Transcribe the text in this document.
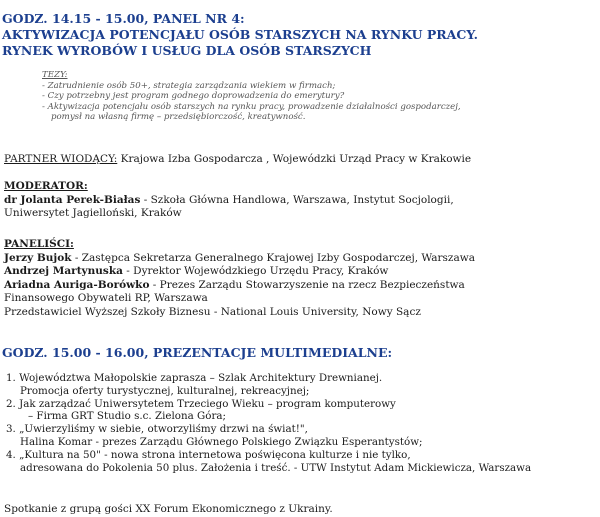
GODZ. 14.15 - 15.00, PANEL NR 4:
AKTYWIZACJA POTENCJAŁU OSÓB STARSZYCH NA RYNKU PRACY.
RYNEK WYROBÓW I USŁUG DLA OSÓB STARSZYCH
TEZY:
- Zatrudnienie osób 50+, strategia zarządzania wiekiem w firmach;
- Czy potrzebny jest program godnego doprowadzenia do emerytury?
- Aktywizacja potencjału osób starszych na rynku pracy, prowadzenie działalności gospodarczej,
pomysł na własną firmę – przedsiębiorczość, kreatywność.
PARTNER WIODĄCY: Krajowa Izba Gospodarcza , Wojewódzki Urząd Pracy w Krakowie
MODERATOR:
dr Jolanta Perek-Białas - Szkoła Główna Handlowa, Warszawa, Instytut Socjologii,
Uniwersytet Jagielloński, Kraków
PANELIŚCI:
Jerzy Bujok - Zastępca Sekretarza Generalnego Krajowej Izby Gospodarczej, Warszawa
Andrzej Martynuska - Dyrektor Wojewódzkiego Urzędu Pracy, Kraków
Ariadna Auriga-Borówko - Prezes Zarządu Stowarzyszenie na rzecz Bezpieczeństwa
Finansowego Obywateli RP, Warszawa
Przedstawiciel Wyższej Szkoły Biznesu - National Louis University, Nowy Sącz
GODZ. 15.00 - 16.00, PREZENTACJE MULTIMEDIALNE:
1. Województwa Małopolskie zaprasza – Szlak Architektury Drewnianej.
Promocja oferty turystycznej, kulturalnej, rekreacyjnej;
2. Jak zarządzać Uniwersytetem Trzeciego Wieku – program komputerowy
– Firma GRT Studio s.c. Zielona Góra;
3. „Uwierzyliśmy w siebie, otworzyliśmy drzwi na świat!",
Halina Komar - prezes Zarządu Głównego Polskiego Związku Esperantystów;
4. „Kultura na 50" - nowa strona internetowa poświęcona kulturze i nie tylko,
adresowana do Pokolenia 50 plus. Założenia i treść. - UTW Instytut Adam Mickiewicza, Warszawa
Spotkanie z grupą gości XX Forum Ekonomicznego z Ukrainy.
